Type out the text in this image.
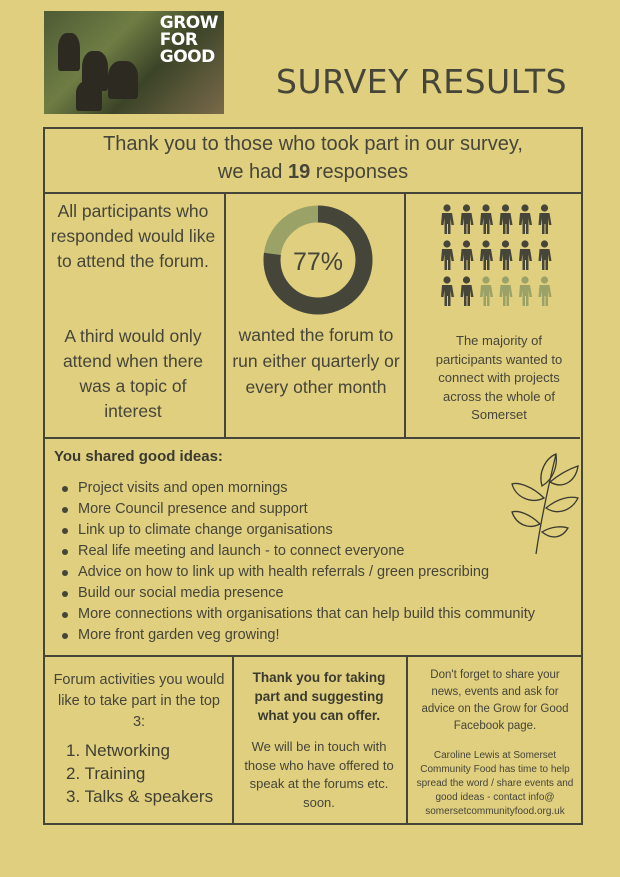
GROW
FOR
GOOD
SURVEY RESULTS
Thank you to those who took part in our survey,
we had 19 responses
All participants who responded would like to attend the forum.
A third would only attend when there was a topic of interest
77%
wanted the forum to run either quarterly or every other month
The majority of participants wanted to connect with projects across the whole of Somerset
You shared good ideas:
Project visits and open mornings
More Council presence and support
Link up to climate change organisations
Real life meeting and launch - to connect everyone
Advice on how to link up with health referrals / green prescribing
Build our social media presence
More connections with organisations that can help build this community
More front garden veg growing!
Forum activities you would like to take part in the top 3:
1. Networking
2. Training
3. Talks & speakers
Thank you for taking part and suggesting what you can offer.
We will be in touch with those who have offered to speak at the forums etc. soon.
Don't forget to share your news, events and ask for advice on the Grow for Good Facebook page.
Caroline Lewis at Somerset Community Food has time to help spread the word / share events and good ideas - contact info@ somersetcommunityfood.org.uk
